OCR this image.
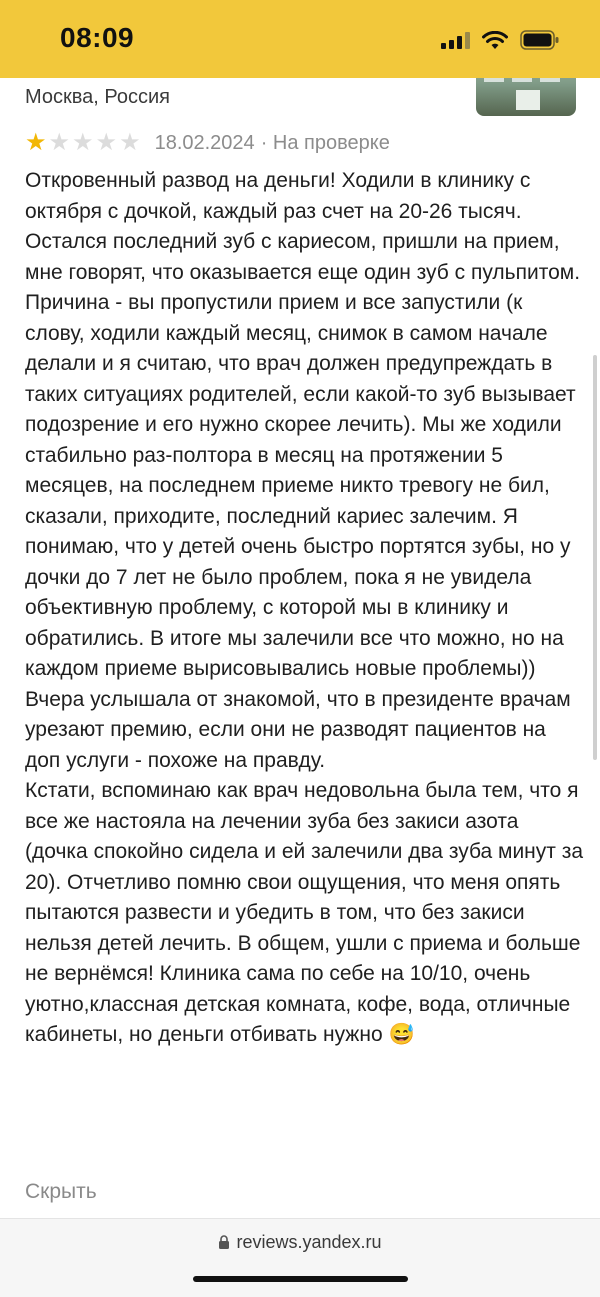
08:09
Москва, Россия
★ ★ ★ ★ ★ 18.02.2024 · На проверке
Откровенный развод на деньги! Ходили в клинику с октября с дочкой, каждый раз счет на 20-26 тысяч. Остался последний зуб с кариесом, пришли на прием, мне говорят, что оказывается еще один зуб с пульпитом. Причина - вы пропустили прием и все запустили (к слову, ходили каждый месяц, снимок в самом начале делали и я считаю, что врач должен предупреждать в таких ситуациях родителей, если какой-то зуб вызывает подозрение и его нужно скорее лечить). Мы же ходили стабильно раз-полтора в месяц на протяжении 5 месяцев, на последнем приеме никто тревогу не бил, сказали, приходите, последний кариес залечим. Я понимаю, что у детей очень быстро портятся зубы, но у дочки до 7 лет не было проблем, пока я не увидела объективную проблему, с которой мы в клинику и обратились. В итоге мы залечили все что можно, но на каждом приеме вырисовывались новые проблемы)) Вчера услышала от знакомой, что в президенте врачам урезают премию, если они не разводят пациентов на доп услуги - похоже на правду.
Кстати, вспоминаю как врач недовольна была тем, что я все же настояла на лечении зуба без закиси азота (дочка спокойно сидела и ей залечили два зуба минут за 20). Отчетливо помню свои ощущения, что меня опять пытаются развести и убедить в том, что без закиси нельзя детей лечить. В общем, ушли с приема и больше не вернёмся! Клиника сама по себе на 10/10, очень уютно,классная детская комната, кофе, вода, отличные кабинеты, но деньги отбивать нужно 😅
Скрыть
reviews.yandex.ru
